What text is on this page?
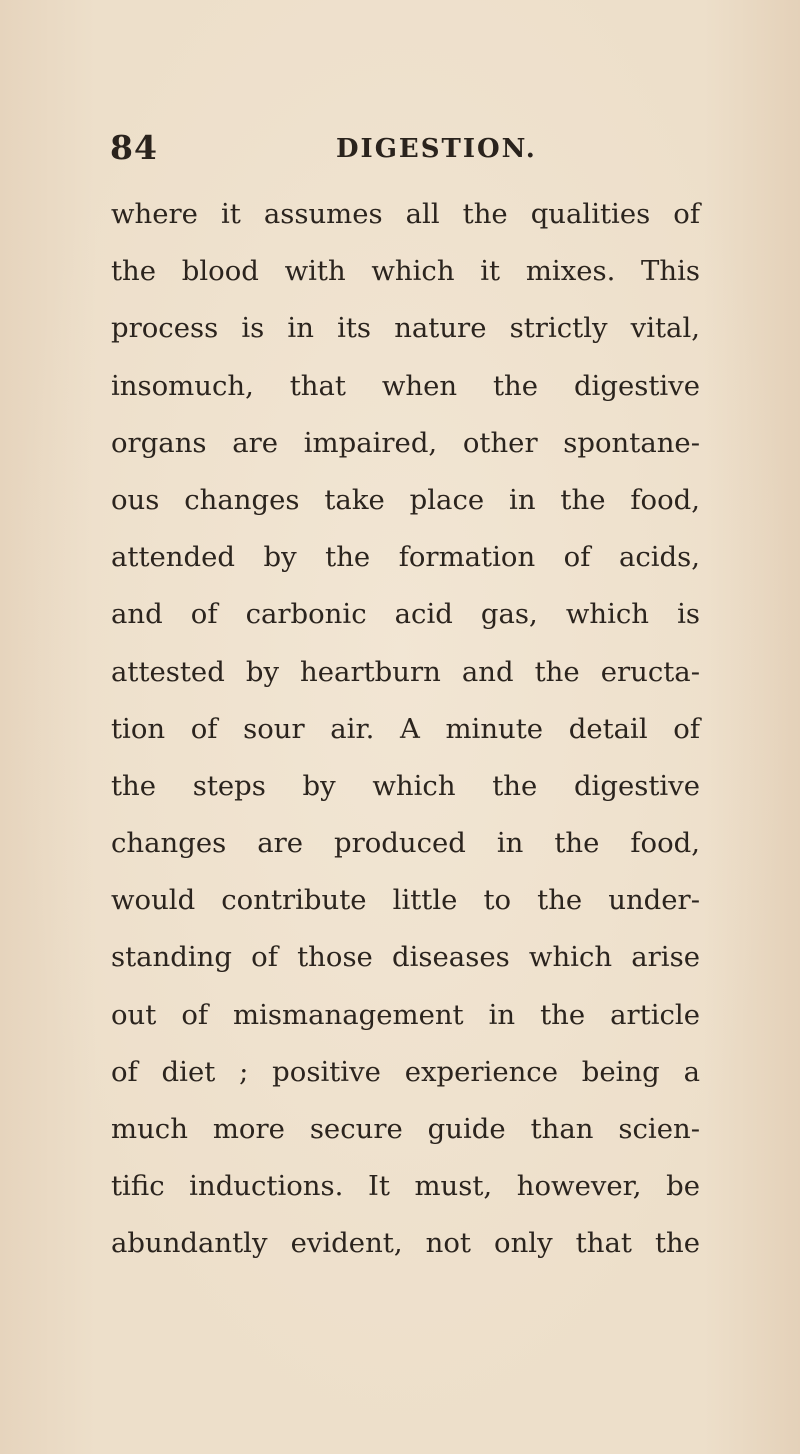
84	DIGESTION.
where it assumes all the qualities of
the blood with which it mixes. This
process is in its nature strictly vital,
insomuch, that when the digestive
organs are impaired, other spontane-
ous changes take place in the food,
attended by the formation of acids,
and of carbonic acid gas, which is
attested by heartburn and the eructa-
tion of sour air. A minute detail of
the steps by which the digestive
changes are produced in the food,
would contribute little to the under-
standing of those diseases which arise
out of mismanagement in the article
of diet ; positive experience being a
much more secure guide than scien-
tific inductions. It must, however, be
abundantly evident, not only that the
